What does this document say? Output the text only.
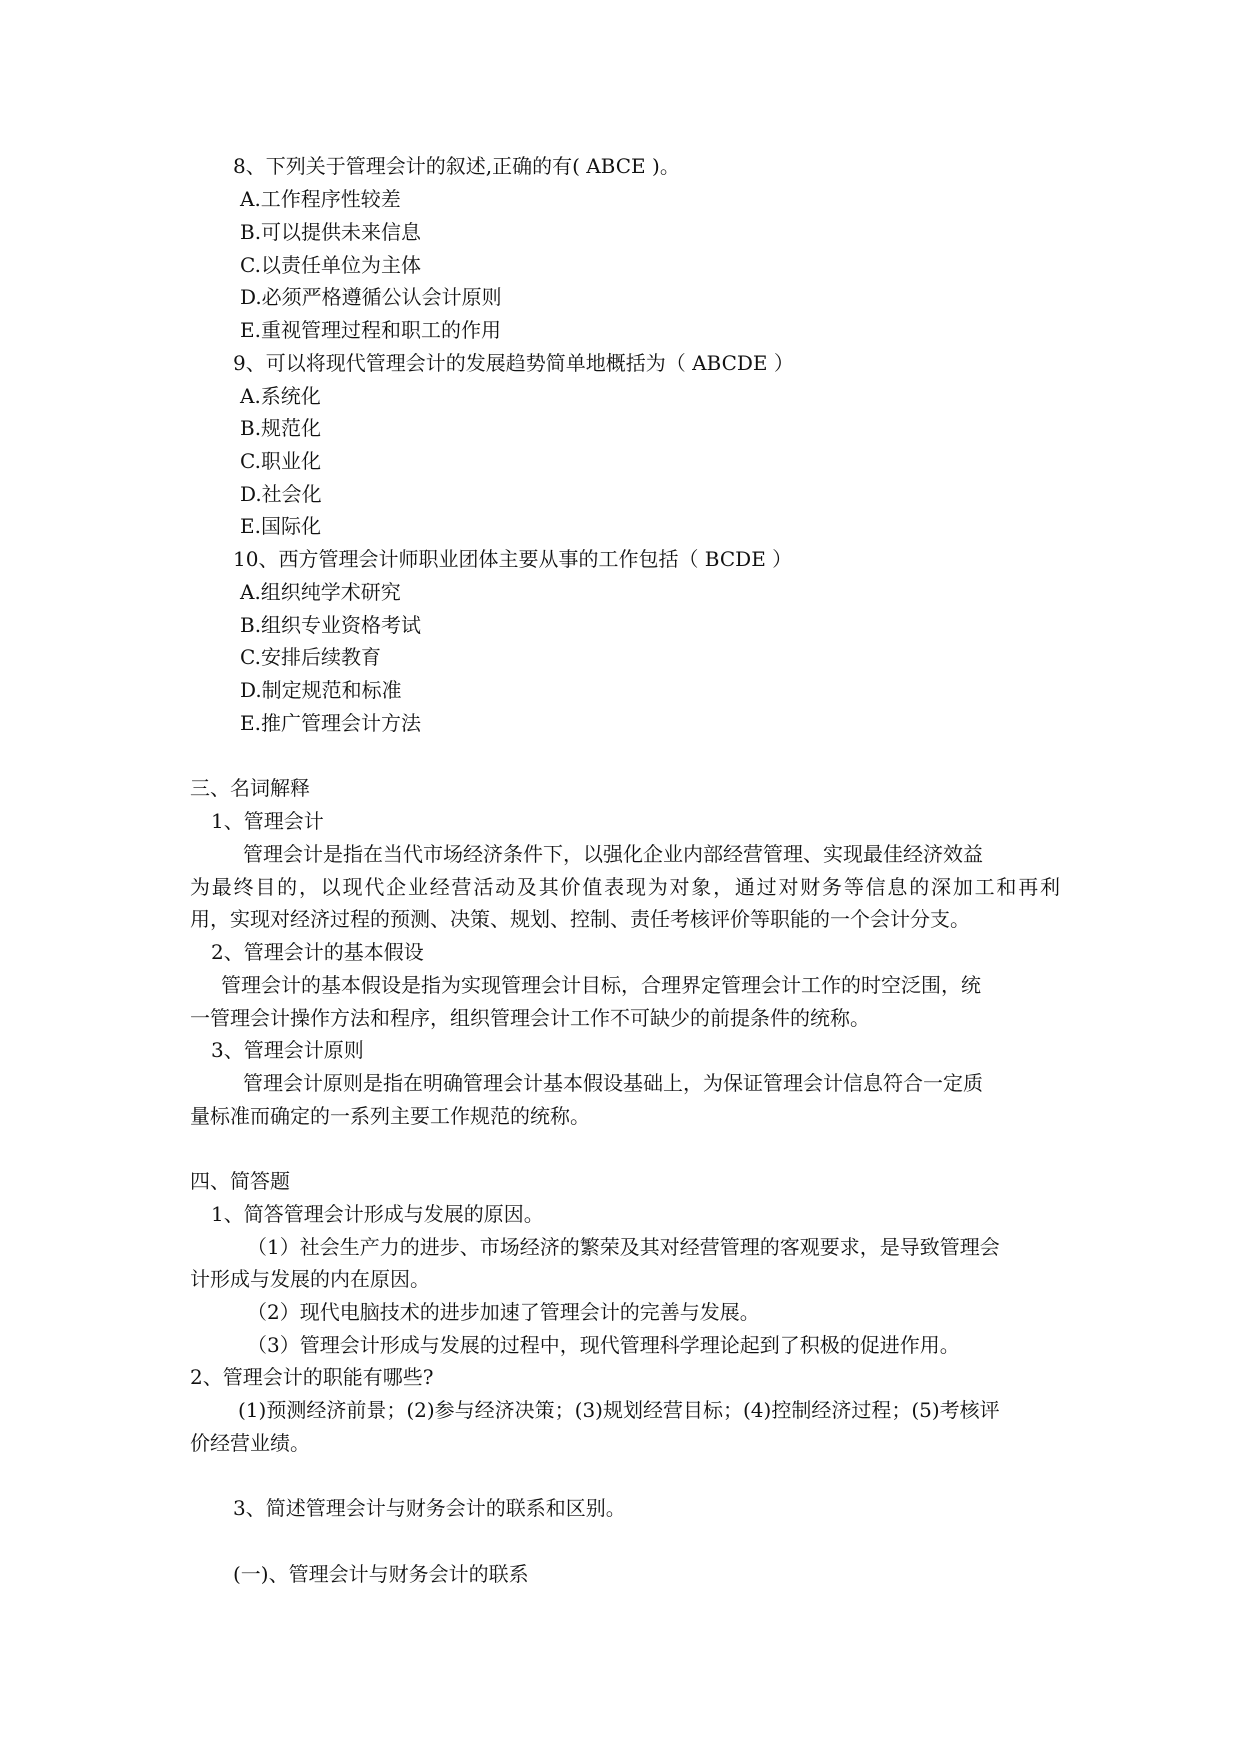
8、下列关于管理会计的叙述,正确的有( ABCE )。
A.工作程序性较差
B.可以提供未来信息
C.以责任单位为主体
D.必须严格遵循公认会计原则
E.重视管理过程和职工的作用
9、可以将现代管理会计的发展趋势简单地概括为（ ABCDE ）
A.系统化
B.规范化
C.职业化
D.社会化
E.国际化
10、西方管理会计师职业团体主要从事的工作包括（ BCDE ）
A.组织纯学术研究
B.组织专业资格考试
C.安排后续教育
D.制定规范和标准
E.推广管理会计方法
三、名词解释
1、管理会计
管理会计是指在当代市场经济条件下，以强化企业内部经营管理、实现最佳经济效益
为最终目的，以现代企业经营活动及其价值表现为对象，通过对财务等信息的深加工和再利
用，实现对经济过程的预测、决策、规划、控制、责任考核评价等职能的一个会计分支。
2、管理会计的基本假设
管理会计的基本假设是指为实现管理会计目标，合理界定管理会计工作的时空泛围，统
一管理会计操作方法和程序，组织管理会计工作不可缺少的前提条件的统称。
3、管理会计原则
管理会计原则是指在明确管理会计基本假设基础上，为保证管理会计信息符合一定质
量标准而确定的一系列主要工作规范的统称。
四、简答题
1、简答管理会计形成与发展的原因。
（1）社会生产力的进步、市场经济的繁荣及其对经营管理的客观要求，是导致管理会
计形成与发展的内在原因。
（2）现代电脑技术的进步加速了管理会计的完善与发展。
（3）管理会计形成与发展的过程中，现代管理科学理论起到了积极的促进作用。
2、管理会计的职能有哪些?
(1)预测经济前景；(2)参与经济决策；(3)规划经营目标；(4)控制经济过程；(5)考核评
价经营业绩。
3、简述管理会计与财务会计的联系和区别。
(一)、管理会计与财务会计的联系
